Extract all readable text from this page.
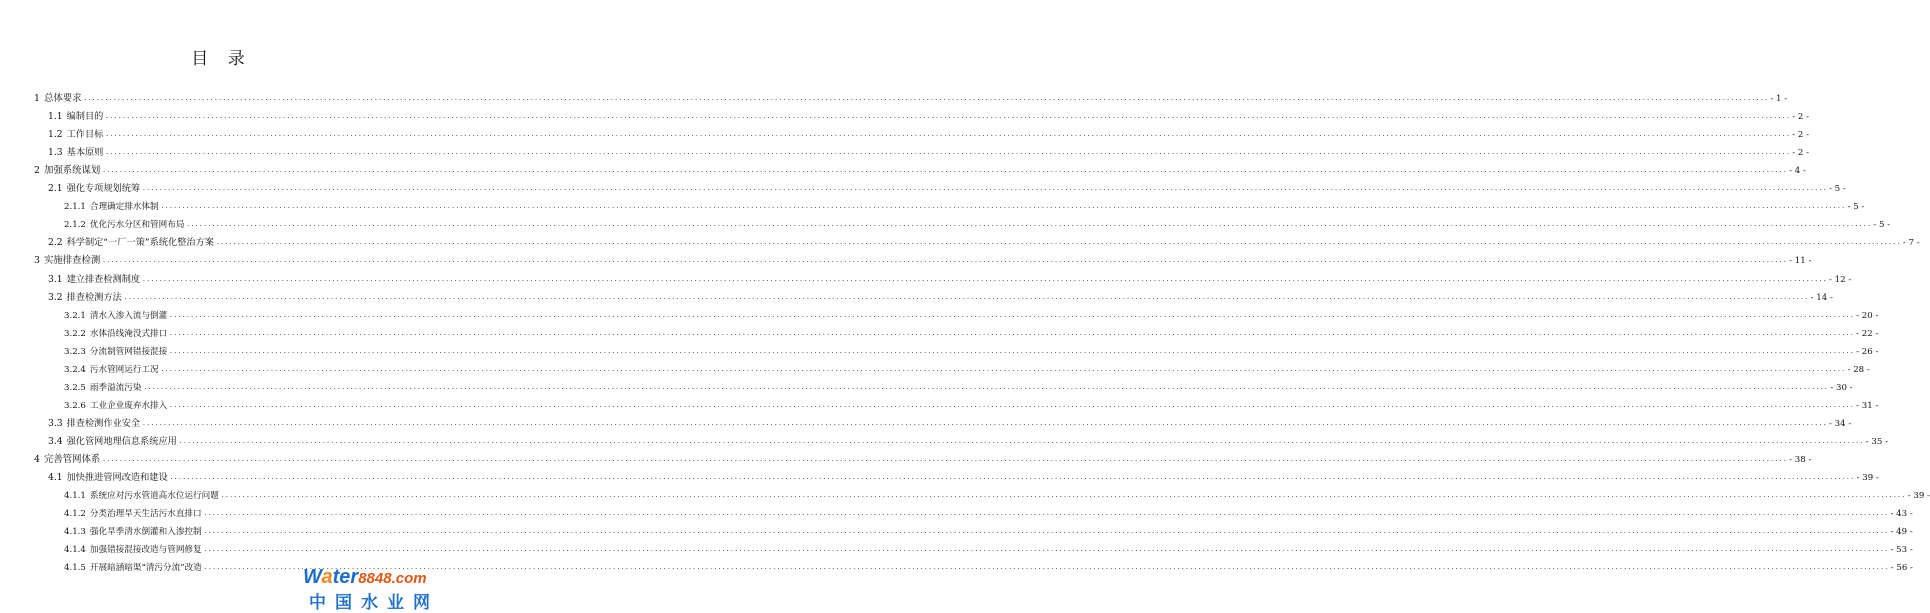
目 录
1 总体要求 ................................................................................................................................................................................................................................................................................................................................................................................................................ - 1 -
1.1 编制目的 ................................................................................................................................................................................................................................................................................................................................................................................................................ - 2 -
1.2 工作目标 ................................................................................................................................................................................................................................................................................................................................................................................................................ - 2 -
1.3 基本原则 ................................................................................................................................................................................................................................................................................................................................................................................................................ - 2 -
2 加强系统谋划 ................................................................................................................................................................................................................................................................................................................................................................................................................ - 4 -
2.1 强化专项规划统筹 ................................................................................................................................................................................................................................................................................................................................................................................................................ - 5 -
2.1.1 合理确定排水体制 ................................................................................................................................................................................................................................................................................................................................................................................................................ - 5 -
2.1.2 优化污水分区和管网布局 ................................................................................................................................................................................................................................................................................................................................................................................................................ - 5 -
2.2 科学制定“一厂一策”系统化整治方案 ................................................................................................................................................................................................................................................................................................................................................................................................................ - 7 -
3 实施排查检测 ................................................................................................................................................................................................................................................................................................................................................................................................................ - 11 -
3.1 建立排查检测制度 ................................................................................................................................................................................................................................................................................................................................................................................................................ - 12 -
3.2 排查检测方法 ................................................................................................................................................................................................................................................................................................................................................................................................................ - 14 -
3.2.1 清水入渗入流与倒灌 ................................................................................................................................................................................................................................................................................................................................................................................................................ - 20 -
3.2.2 水体沿线淹没式排口 ................................................................................................................................................................................................................................................................................................................................................................................................................ - 22 -
3.2.3 分流制管网错接混接 ................................................................................................................................................................................................................................................................................................................................................................................................................ - 26 -
3.2.4 污水管网运行工况 ................................................................................................................................................................................................................................................................................................................................................................................................................ - 28 -
3.2.5 雨季溢流污染 ................................................................................................................................................................................................................................................................................................................................................................................................................ - 30 -
3.2.6 工业企业废弃水排入 ................................................................................................................................................................................................................................................................................................................................................................................................................ - 31 -
3.3 排查检测作业安全 ................................................................................................................................................................................................................................................................................................................................................................................................................ - 34 -
3.4 强化管网地理信息系统应用 ................................................................................................................................................................................................................................................................................................................................................................................................................ - 35 -
4 完善管网体系 ................................................................................................................................................................................................................................................................................................................................................................................................................ - 38 -
4.1 加快推进管网改造和建设 ................................................................................................................................................................................................................................................................................................................................................................................................................ - 39 -
4.1.1 系统应对污水管道高水位运行问题 ................................................................................................................................................................................................................................................................................................................................................................................................................ - 39 -
4.1.2 分类治理旱天生活污水直排口 ................................................................................................................................................................................................................................................................................................................................................................................................................ - 43 -
4.1.3 强化旱季清水倒灌和入渗控制 ................................................................................................................................................................................................................................................................................................................................................................................................................ - 49 -
4.1.4 加强错接混接改造与管网修复 ................................................................................................................................................................................................................................................................................................................................................................................................................ - 53 -
4.1.5 开展暗涵暗渠“清污分流”改造 ................................................................................................................................................................................................................................................................................................................................................................................................................ - 56 -
Water8848.com
中国水业网
